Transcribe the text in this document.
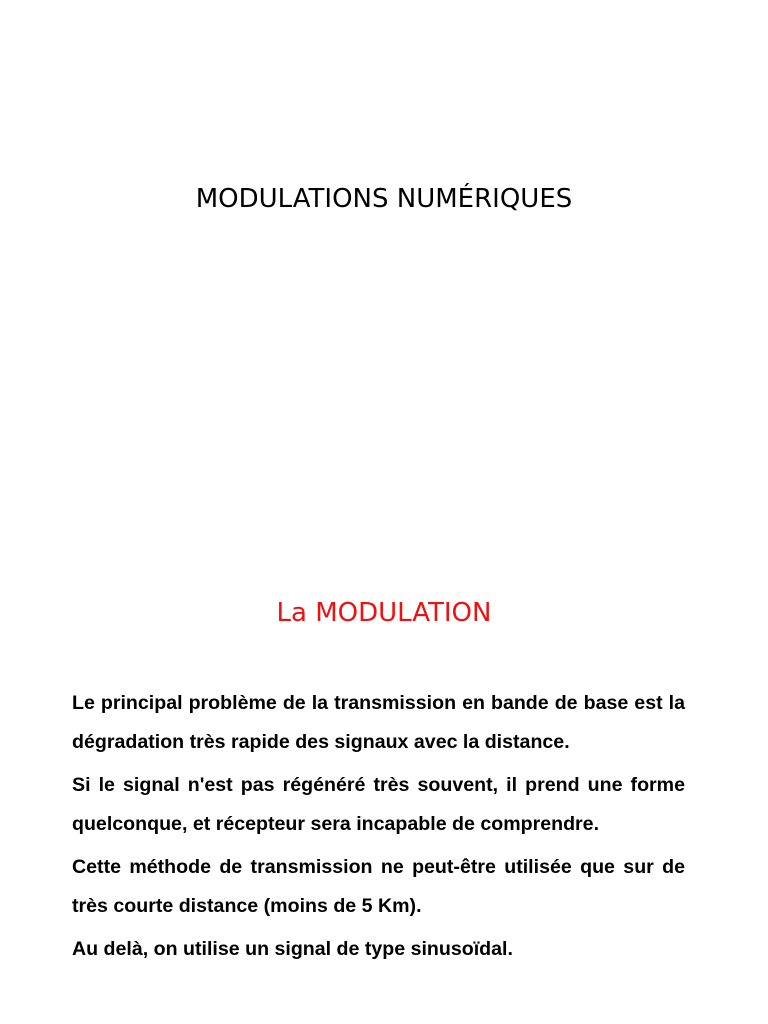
MODULATIONS NUMÉRIQUES
La MODULATION

Le principal problème de la transmission en bande de base est la dégradation très rapide des signaux avec la distance.

Si le signal n'est pas régénéré très souvent, il prend une forme quelconque, et récepteur sera incapable de comprendre.

Cette méthode de transmission ne peut-être utilisée que sur de très courte distance (moins de 5 Km).

Au delà, on utilise un signal de type sinusoïdal.
